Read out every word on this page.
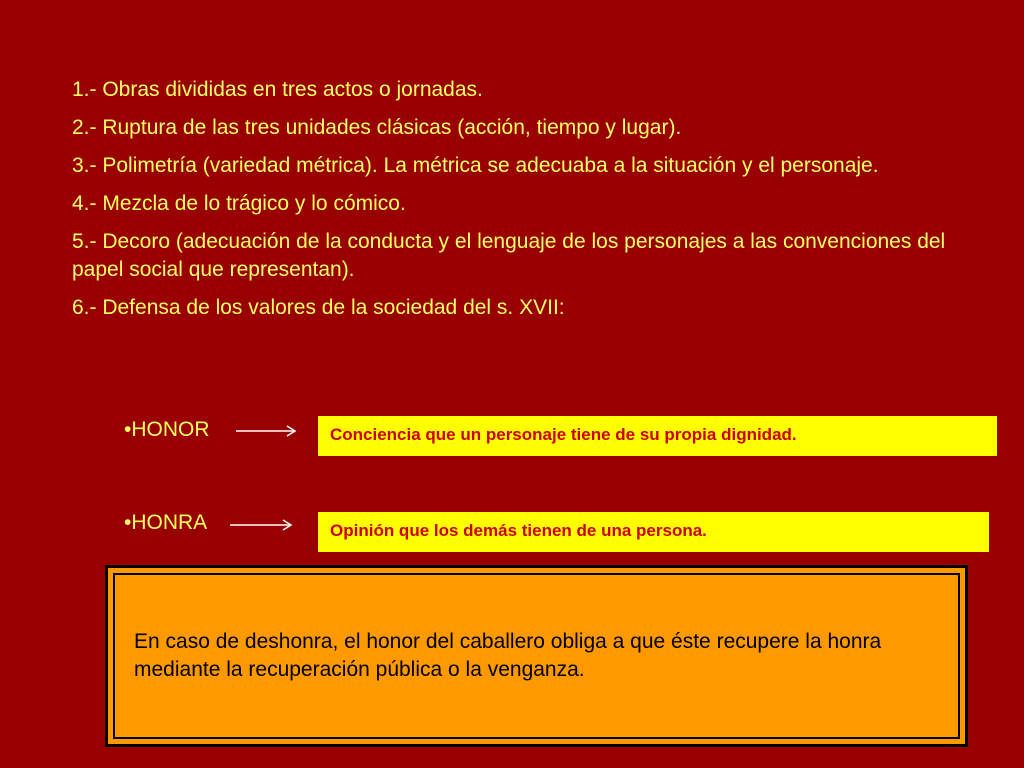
1.- Obras divididas en tres actos o jornadas.
2.- Ruptura de las tres unidades clásicas (acción, tiempo y lugar).
3.- Polimetría (variedad métrica). La métrica se adecuaba a la situación y el personaje.
4.- Mezcla de lo trágico y lo cómico.
5.- Decoro (adecuación de la conducta y el lenguaje de los personajes a las convenciones del papel social que representan).
6.- Defensa de los valores de la sociedad del s. XVII:
•HONOR	Conciencia que un personaje tiene de su propia dignidad.
•HONRA	Opinión que los demás tienen de una persona.
En caso de deshonra, el honor del caballero obliga a que éste recupere la honra mediante la recuperación pública o la venganza.
